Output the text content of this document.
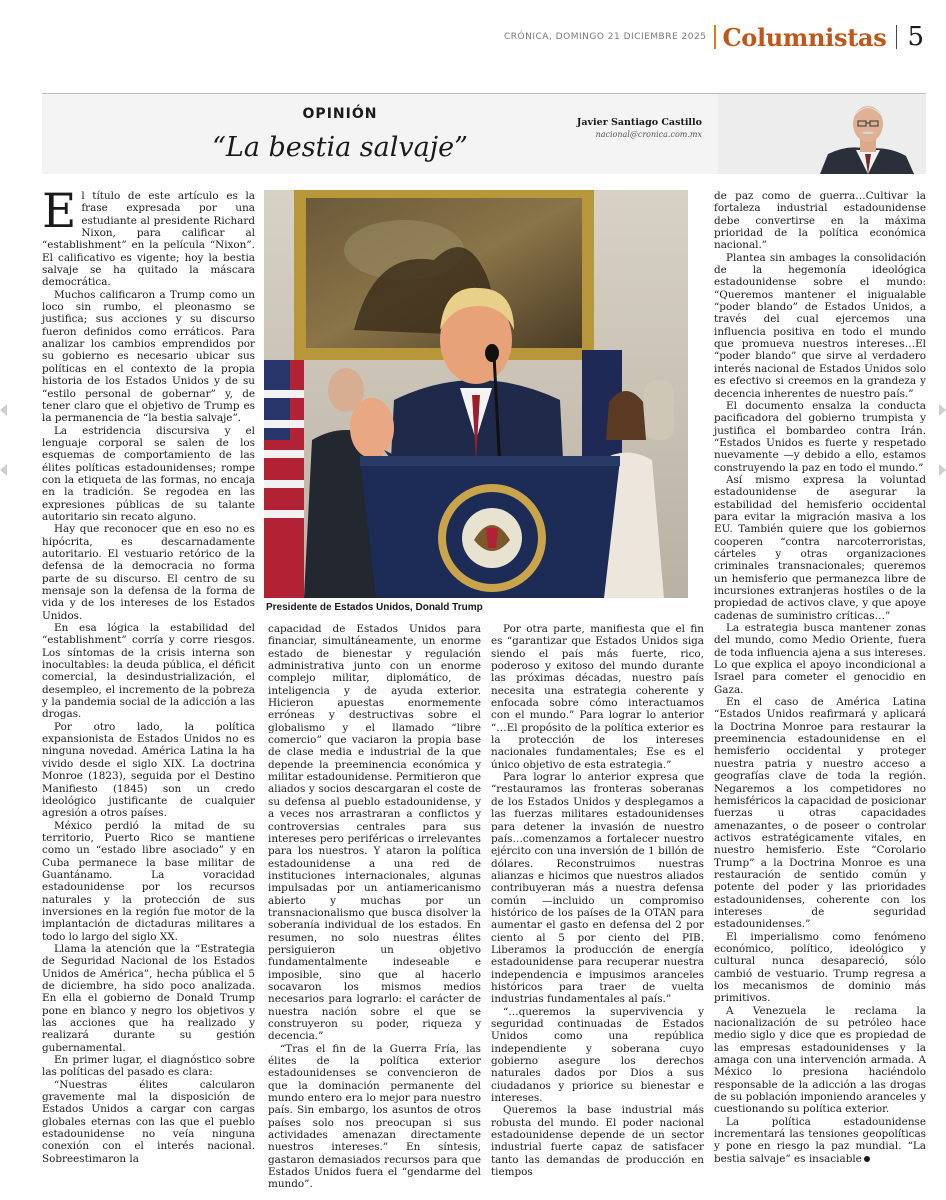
CRÓNICA, DOMINGO 21 DICIEMBRE 2025 Columnistas 5
OPINIÓN
“La bestia salvaje”
Javier Santiago Castillo
nacional@cronica.com.mx

El título de este artículo es la frase expresada por una estudiante al presidente Richard Nixon, para calificar al “establishment” en la película “Nixon”. El calificativo es vigente; hoy la bestia salvaje se ha quitado la máscara democrática.

Muchos calificaron a Trump como un loco sin rumbo, el pleonasmo se justifica; sus acciones y su discurso fueron definidos como erráticos. Para analizar los cambios emprendidos por su gobierno es necesario ubicar sus políticas en el contexto de la propia historia de los Estados Unidos y de su “estilo personal de gobernar” y, de tener claro que el objetivo de Trump es la permanencia de “la bestia salvaje”.

La estridencia discursiva y el lenguaje corporal se salen de los esquemas de comportamiento de las élites políticas estadounidenses; rompe con la etiqueta de las formas, no encaja en la tradición. Se regodea en las expresiones públicas de su talante autoritario sin recato alguno.

Hay que reconocer que en eso no es hipócrita, es descarnadamente autoritario. El vestuario retórico de la defensa de la democracia no forma parte de su discurso. El centro de su mensaje son la defensa de la forma de vida y de los intereses de los Estados Unidos.

En esa lógica la estabilidad del “establishment” corría y corre riesgos. Los síntomas de la crisis interna son inocultables: la deuda pública, el déficit comercial, la desindustrialización, el desempleo, el incremento de la pobreza y la pandemia social de la adicción a las drogas.

Por otro lado, la política expansionista de Estados Unidos no es ninguna novedad. América Latina la ha vivido desde el siglo XIX. La doctrina Monroe (1823), seguida por el Destino Manifiesto (1845) son un credo ideológico justificante de cualquier agresión a otros países.

México perdió la mitad de su territorio, Puerto Rico se mantiene como un “estado libre asociado” y en Cuba permanece la base militar de Guantánamo. La voracidad estadounidense por los recursos naturales y la protección de sus inversiones en la región fue motor de la implantación de dictaduras militares a todo lo largo del siglo XX.

Llama la atención que la “Estrategia de Seguridad Nacional de los Estados Unidos de América”, hecha pública el 5 de diciembre, ha sido poco analizada. En ella el gobierno de Donald Trump pone en blanco y negro los objetivos y las acciones que ha realizado y realizará durante su gestión gubernamental.

En primer lugar, el diagnóstico sobre las políticas del pasado es clara:

“Nuestras élites calcularon gravemente mal la disposición de Estados Unidos a cargar con cargas globales eternas con las que el pueblo estadounidense no veía ninguna conexión con el interés nacional. Sobreestimaron la

Presidente de Estados Unidos, Donald Trump

capacidad de Estados Unidos para financiar, simultáneamente, un enorme estado de bienestar y regulación administrativa junto con un enorme complejo militar, diplomático, de inteligencia y de ayuda exterior. Hicieron apuestas enormemente erróneas y destructivas sobre el globalismo y el llamado “libre comercio” que vaciaron la propia base de clase media e industrial de la que depende la preeminencia económica y militar estadounidense. Permitieron que aliados y socios descargaran el coste de su defensa al pueblo estadounidense, y a veces nos arrastraran a conflictos y controversias centrales para sus intereses pero periféricas o irrelevantes para los nuestros. Y ataron la política estadounidense a una red de instituciones internacionales, algunas impulsadas por un antiamericanismo abierto y muchas por un transnacionalismo que busca disolver la soberanía individual de los estados. En resumen, no solo nuestras élites persiguieron un objetivo fundamentalmente indeseable e imposible, sino que al hacerlo socavaron los mismos medios necesarios para lograrlo: el carácter de nuestra nación sobre el que se construyeron su poder, riqueza y decencia.”

“Tras el fin de la Guerra Fría, las élites de la política exterior estadounidenses se convencieron de que la dominación permanente del mundo entero era lo mejor para nuestro país. Sin embargo, los asuntos de otros países solo nos preocupan si sus actividades amenazan directamente nuestros intereses.” En síntesis, gastaron demasiados recursos para que Estados Unidos fuera el “gendarme del mundo”.

Por otra parte, manifiesta que el fin es “garantizar que Estados Unidos siga siendo el país más fuerte, rico, poderoso y exitoso del mundo durante las próximas décadas, nuestro país necesita una estrategia coherente y enfocada sobre cómo interactuamos con el mundo.” Para lograr lo anterior “…El propósito de la política exterior es la protección de los intereses nacionales fundamentales; Ese es el único objetivo de esta estrategia.”

Para lograr lo anterior expresa que “restauramos las fronteras soberanas de los Estados Unidos y desplegamos a las fuerzas militares estadounidenses para detener la invasión de nuestro país…comenzamos a fortalecer nuestro ejército con una inversión de 1 billón de dólares. Reconstruimos nuestras alianzas e hicimos que nuestros aliados contribuyeran más a nuestra defensa común —incluido un compromiso histórico de los países de la OTAN para aumentar el gasto en defensa del 2 por ciento al 5 por ciento del PIB. Liberamos la producción de energía estadounidense para recuperar nuestra independencia e impusimos aranceles históricos para traer de vuelta industrias fundamentales al país.”

“…queremos la supervivencia y seguridad continuadas de Estados Unidos como una república independiente y soberana cuyo gobierno asegure los derechos naturales dados por Dios a sus ciudadanos y priorice su bienestar e intereses.

Queremos la base industrial más robusta del mundo. El poder nacional estadounidense depende de un sector industrial fuerte capaz de satisfacer tanto las demandas de producción en tiempos

de paz como de guerra…Cultivar la fortaleza industrial estadounidense debe convertirse en la máxima prioridad de la política económica nacional.”

Plantea sin ambages la consolidación de la hegemonía ideológica estadounidense sobre el mundo: “Queremos mantener el inigualable “poder blando” de Estados Unidos, a través del cual ejercemos una influencia positiva en todo el mundo que promueva nuestros intereses…El “poder blando” que sirve al verdadero interés nacional de Estados Unidos solo es efectivo si creemos en la grandeza y decencia inherentes de nuestro país.”

El documento ensalza la conducta pacificadora del gobierno trumpista y justifica el bombardeo contra Irán. “Estados Unidos es fuerte y respetado nuevamente —y debido a ello, estamos construyendo la paz en todo el mundo.”

Así mismo expresa la voluntad estadounidense de asegurar la estabilidad del hemisferio occidental para evitar la migración masiva a los EU. También quiere que los gobiernos cooperen “contra narcoterroristas, cárteles y otras organizaciones criminales transnacionales; queremos un hemisferio que permanezca libre de incursiones extranjeras hostiles o de la propiedad de activos clave, y que apoye cadenas de suministro críticas…”

La estrategia busca mantener zonas del mundo, como Medio Oriente, fuera de toda influencia ajena a sus intereses. Lo que explica el apoyo incondicional a Israel para cometer el genocidio en Gaza.

En el caso de América Latina “Estados Unidos reafirmará y aplicará la Doctrina Monroe para restaurar la preeminencia estadounidense en el hemisferio occidental y proteger nuestra patria y nuestro acceso a geografías clave de toda la región. Negaremos a los competidores no hemisféricos la capacidad de posicionar fuerzas u otras capacidades amenazantes, o de poseer o controlar activos estratégicamente vitales, en nuestro hemisferio. Este “Corolario Trump” a la Doctrina Monroe es una restauración de sentido común y potente del poder y las prioridades estadounidenses, coherente con los intereses de seguridad estadounidenses.”

El imperialismo como fenómeno económico, político, ideológico y cultural nunca desapareció, sólo cambió de vestuario. Trump regresa a los mecanismos de dominio más primitivos.

A Venezuela le reclama la nacionalización de su petróleo hace medio siglo y dice que es propiedad de las empresas estadounidenses y la amaga con una intervención armada. A México lo presiona haciéndolo responsable de la adicción a las drogas de su población imponiendo aranceles y cuestionando su política exterior.

La política estadounidense incrementará las tensiones geopolíticas y pone en riesgo la paz mundial. “La bestia salvaje” es insaciable
